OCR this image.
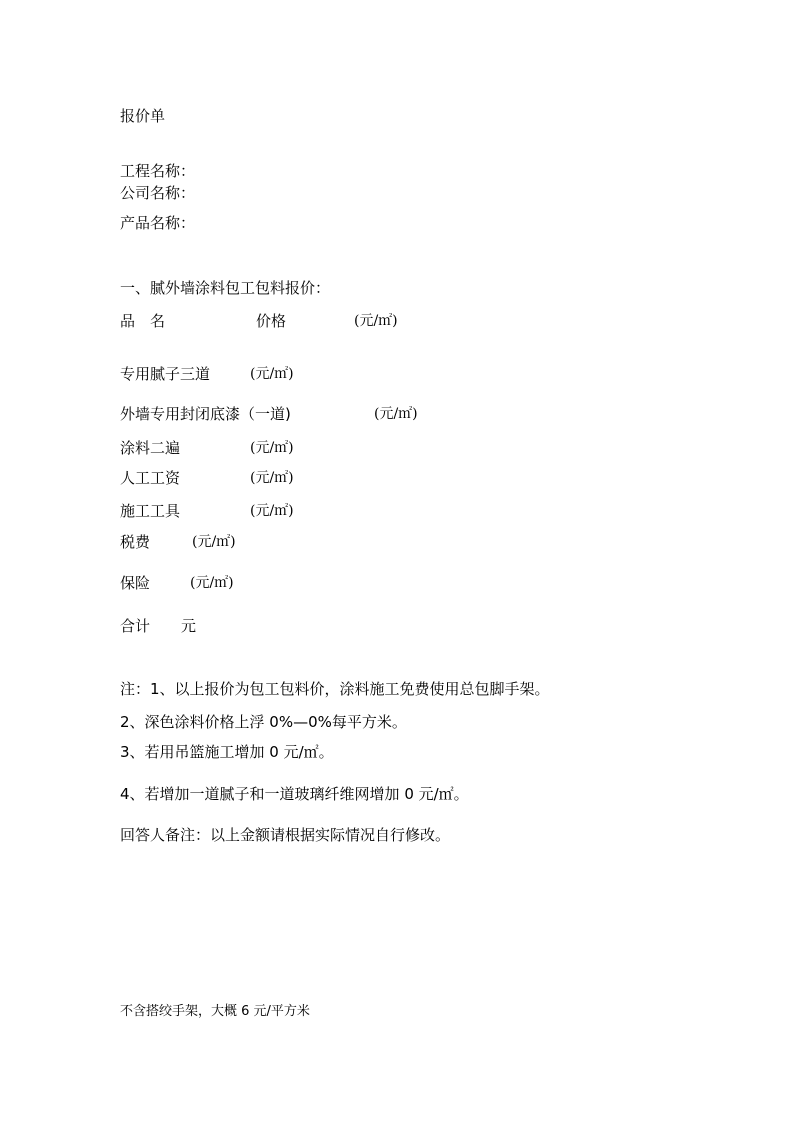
报价单
工程名称：
公司名称：
产品名称：
一、腻外墙涂料包工包料报价：
品　名	价格	(元/㎡)
专用腻子三道	(元/㎡)
外墙专用封闭底漆（一道)	(元/㎡)
涂料二遍	(元/㎡)
人工工资	(元/㎡)
施工工具	(元/㎡)
税费	(元/㎡)
保险	(元/㎡)
合计 元
注：1、以上报价为包工包料价，涂料施工免费使用总包脚手架。
2、深色涂料价格上浮 0%—0%每平方米。
3、若用吊篮施工增加 0 元/㎡。
4、若增加一道腻子和一道玻璃纤维网增加 0 元/㎡。
回答人备注：以上金额请根据实际情况自行修改。
不含搭绞手架，大概 6 元/平方米
